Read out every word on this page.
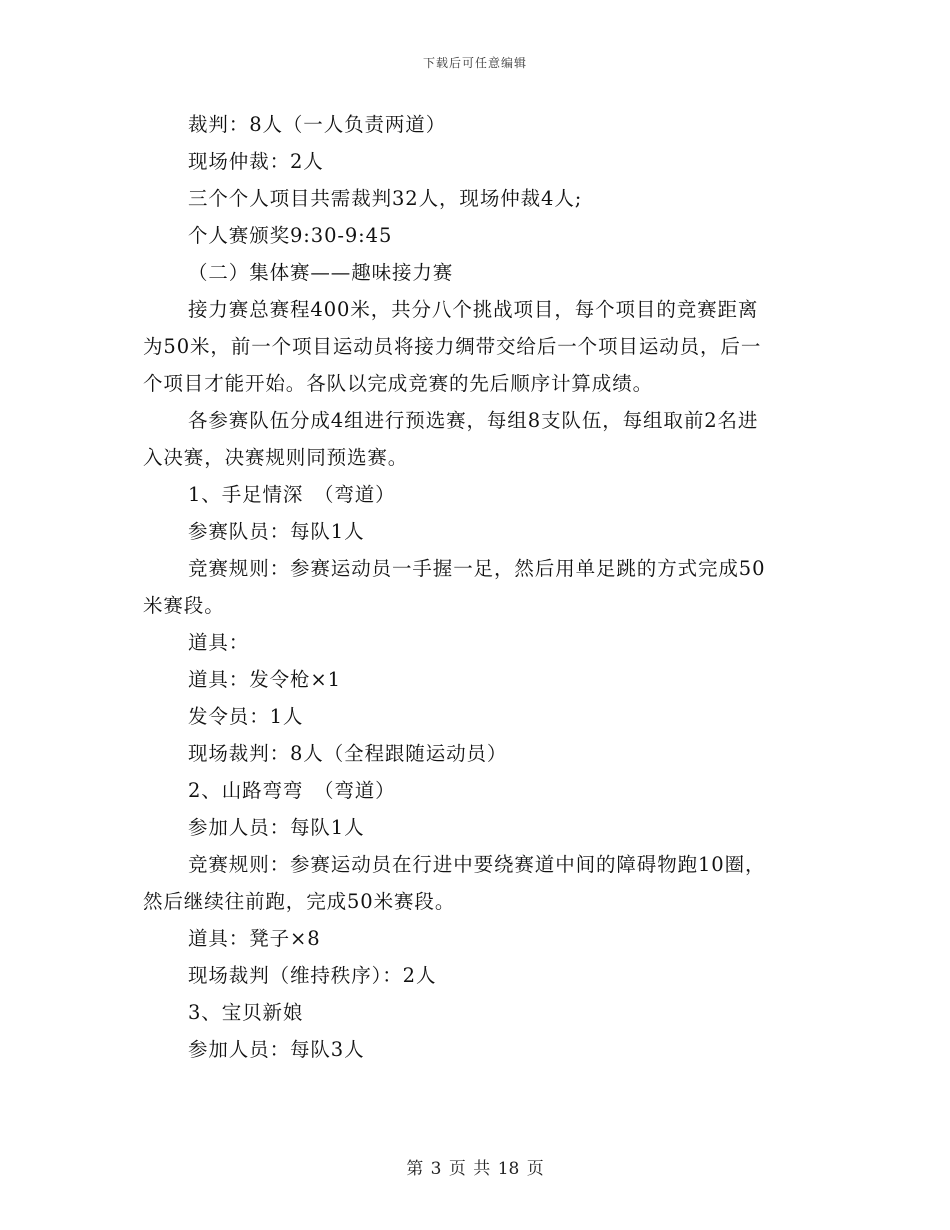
下载后可任意编辑
裁判：8人（一人负责两道）
现场仲裁：2人
三个个人项目共需裁判32人，现场仲裁4人;
个人赛颁奖9:30-9:45
（二）集体赛——趣味接力赛
接力赛总赛程400米，共分八个挑战项目，每个项目的竞赛距离
为50米，前一个项目运动员将接力绸带交给后一个项目运动员，后一
个项目才能开始。各队以完成竞赛的先后顺序计算成绩。
各参赛队伍分成4组进行预选赛，每组8支队伍，每组取前2名进
入决赛，决赛规则同预选赛。
1、手足情深　（弯道）
参赛队员：每队1人
竞赛规则：参赛运动员一手握一足，然后用单足跳的方式完成50
米赛段。
道具：
道具：发令枪×1
发令员：1人
现场裁判：8人（全程跟随运动员）
2、山路弯弯　（弯道）
参加人员：每队1人
竞赛规则：参赛运动员在行进中要绕赛道中间的障碍物跑10圈，
然后继续往前跑，完成50米赛段。
道具：凳子×8
现场裁判（维持秩序）：2人
3、宝贝新娘
参加人员：每队3人
第 3 页 共 18 页
